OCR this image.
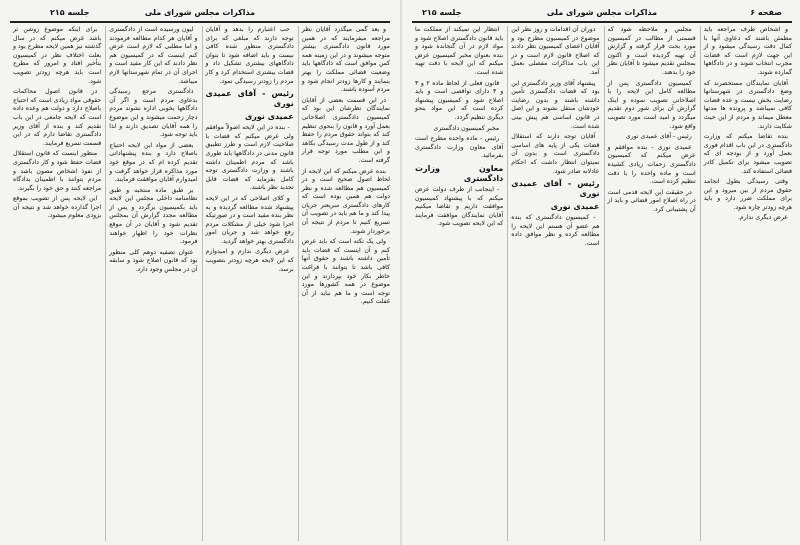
مذاکرات مجلس شورای ملی
جلسه ۲۱۵

و بعد گمی میگذرد آقایان نظر مراجعه میفرمایند که در همین مورد قانون دادگستری بیشتر متوجه میشوند و در این زمینه همه کس موافق است که دادگاهها باید وضعیت قضائی مملکت را بهتر بنمایند و کارها زودتر انجام شود و مردم آسوده باشند.

در این قسمت بعضی از آقایان نمایندگان نظرشان این بود که کمیسیون دادگستری اصلاحاتی بعمل آورد و قانون را بنحوی تنظیم کند که بتواند حقوق مردم را حفظ کند و از طول مدت رسیدگی بکاهد و این مطلب مورد توجه قرار گرفته است.

بنده عرض میکنم که این لایحه از لحاظ اصول صحیح است و در کمیسیون هم مطالعه شده و نظر دولت هم همین بوده است که کارهای دادگستری سریعتر جریان پیدا کند و ما هم باید در تصویب آن تسریع کنیم تا مردم از نتیجه آن برخوردار شوند.

ولی یک نکته است که باید عرض کنم و آن اینست که قضات باید تأمین داشته باشند و حقوق آنها کافی باشد تا بتوانند با فراغت خاطر بکار خود بپردازند و این موضوع در همه کشورها مورد توجه است و ما هم نباید از آن غفلت کنیم.

حب اعتبارم را بدهد و آقایان توجه دارند که مبلغی که برای دادگستری منظور شده کافی نیست و باید اضافه شود تا بتوان دادگاههای بیشتری تشکیل داد و قضات بیشتری استخدام کرد و کار مردم را زودتر رسیدگی نمود.

رئیس - آقای عمیدی نوری
عمیدی نوری

- بنده در این لایحه اصولاً موافقم ولی عرض میکنم که قضات با صلاحیت لازم است و طرز تطبیق قانون مدنی در دادگاهها باید طوری باشد که مردم اطمینان داشته باشند و وزارت دادگستری توجه کامل بفرماید که قضات قابل تجدید نظر باشند.

و کلای اصلاحی که در این لایحه پیشنهاد شده مطالعه گردیده و به نظر بنده مفید است و در صورتیکه اجرا شود خیلی از مشکلات مردم رفع خواهد شد و جریان امور دادگستری بهتر خواهد گردید.

عرض دیگری ندارم و امیدوارم که این لایحه هرچه زودتر بتصویب برسد.

لیون ورسیده است از دادگستری و آقایان هر کدام مطالعه فرمودند و اما مطلبی که لازم است عرض کنم اینست که در کمیسیون هم نظر دادند که این کار مفید است و اجرای آن در تمام شهرستانها لازم میباشد.

دادگستری مرجع رسیدگی بدعاوی مردم است و اگر آن دادگاهها بخوبی اداره نشوند مردم دچار زحمت میشوند و این موضوع را همه آقایان تصدیق دارند و لذا باید توجه شود.

بعضی از مواد این لایحه احتیاج باصلاح دارد و بنده پیشنهاداتی تقدیم کرده ام که در موقع خود مورد مذاکره قرار خواهد گرفت و امیدوارم آقایان موافقت فرمایند.

بر طبق ماده منتخبه و طبق نظامنامه داخلی مجلس این لایحه باید بکمیسیون برگردد و پس از مطالعه مجدد گزارش آن بمجلس تقدیم شود و آقایان در آن موقع نظرات خود را اظهار خواهند فرمود.

عنوان تصفیه دوهم کلی منظور بود که قانون اصلاح شود و سابقه آن در مجلس وجود دارد.

برای اینکه موضوع روشن تر باشد عرض میکنم که در سال گذشته نیز همین لایحه مطرح بود و بعلت اختلاف نظر در کمیسیون بتأخیر افتاد و امروز که مطرح است باید هرچه زودتر تصویب شود.

در قانون اصول محاکمات حقوقی مواد زیادی است که احتیاج باصلاح دارد و دولت هم وعده داده است که لایحه جامعی در این باب تقدیم کند و بنده از آقای وزیر دادگستری تقاضا دارم که در این قسمت تسریع فرمایند.

منظور اینست که قانون استقلال قضات حفظ شود و کار دادگستری از نفوذ اشخاص مصون باشد و مردم بتوانند با اطمینان بدادگاه مراجعه کنند و حق خود را بگیرند.

این لایحه پس از تصویب بموقع اجرا گذارده خواهد شد و نتیجه آن بزودی معلوم میشود.

صفحه ۶
مذاکرات مجلس شورای ملی
جلسه ۲۱۵

و اشخاص طرف مراجعه باید مطمئن باشند که دعاوی آنها با کمال دقت رسیدگی میشود و از این جهت لازم است که قضات مجرب انتخاب شوند و در دادگاهها گمارده شوند.

آقایان نمایندگان مستحضرند که وضع دادگستری در شهرستانها رضایت بخش نیست و عده قضات کافی نمیباشد و پرونده ها مدتها معطل میماند و مردم از این حیث شکایت دارند.

بنده تقاضا میکنم که وزارت دادگستری در این باب اقدام فوری بعمل آورد و از بودجه ای که تصویب میشود برای تکمیل کادر قضائی استفاده کند.

وقتی رسیدگی بطول انجامد حقوق مردم از بین میرود و این برای مملکت ضرر دارد و باید هرچه زودتر چاره شود.

عرض دیگری ندارم.

مجلس و ملاحظه شود که قسمتی از مطالب در کمیسیون مورد بحث قرار گرفته و گزارش آن تهیه گردیده است و اکنون بمجلس تقدیم میشود تا آقایان نظر خود را بدهند.

کمیسیون دادگستری پس از مطالعه کامل این لایحه را با اصلاحاتی تصویب نموده و اینک گزارش آن برای شور دوم تقدیم میگردد و امید است مورد تصویب واقع شود.

رئیس - آقای عمیدی نوری

عمیدی نوری - بنده موافقم و عرض میکنم که کمیسیون دادگستری زحمات زیادی کشیده است و ماده واحده را با دقت تنظیم کرده است.

در حقیقت این لایحه قدمی است در راه اصلاح امور قضائی و باید از آن پشتیبانی کرد.

دوران آن اقدامات و روز نظر این موضوع در کمیسیون مطرح بود و آقایان اعضای کمیسیون نظر دادند که اصلاح قانون لازم است و در این باب مذاکرات مفصلی بعمل آمد.

پیشنهاد آقای وزیر دادگستری این بود که قضات دادگستری تأمین داشته باشند و بدون رضایت خودشان منتقل نشوند و این اصل در قانون اساسی هم پیش بینی شده است.

آقایان توجه دارند که استقلال قضات یکی از پایه های اساسی دادگستری است و بدون آن نمیتوان انتظار داشت که احکام عادلانه صادر شود.

رئیس - آقای عمیدی نوری
عمیدی نوری

- کمیسیون دادگستری که بنده هم عضو آن هستم این لایحه را مطالعه کرده و نظر موافق داده است.

انتظار این نمیکند از مملکت ما باید قانون دادگستری اصلاح شود و مواد لازم در آن گنجانده شود و بنده بعنوان مخبر کمیسیون عرض میکنم که این لایحه با دقت تهیه شده است.

قانون فعلی از لحاظ ماده ۲ و ۳ و ۴ دارای نواقصی است و باید اصلاح شود و کمیسیون پیشنهاد کرده است که این مواد بنحو دیگری تنظیم گردد.

مخبر کمیسیون دادگستری

رئیس - ماده واحده مطرح است آقای معاون وزارت دادگستری بفرمائید.

معاون وزارت دادگستری

- اینجانب از طرف دولت عرض میکنم که با پیشنهاد کمیسیون موافقت داریم و تقاضا میکنیم آقایان نمایندگان موافقت فرمایند که این لایحه تصویب شود.
